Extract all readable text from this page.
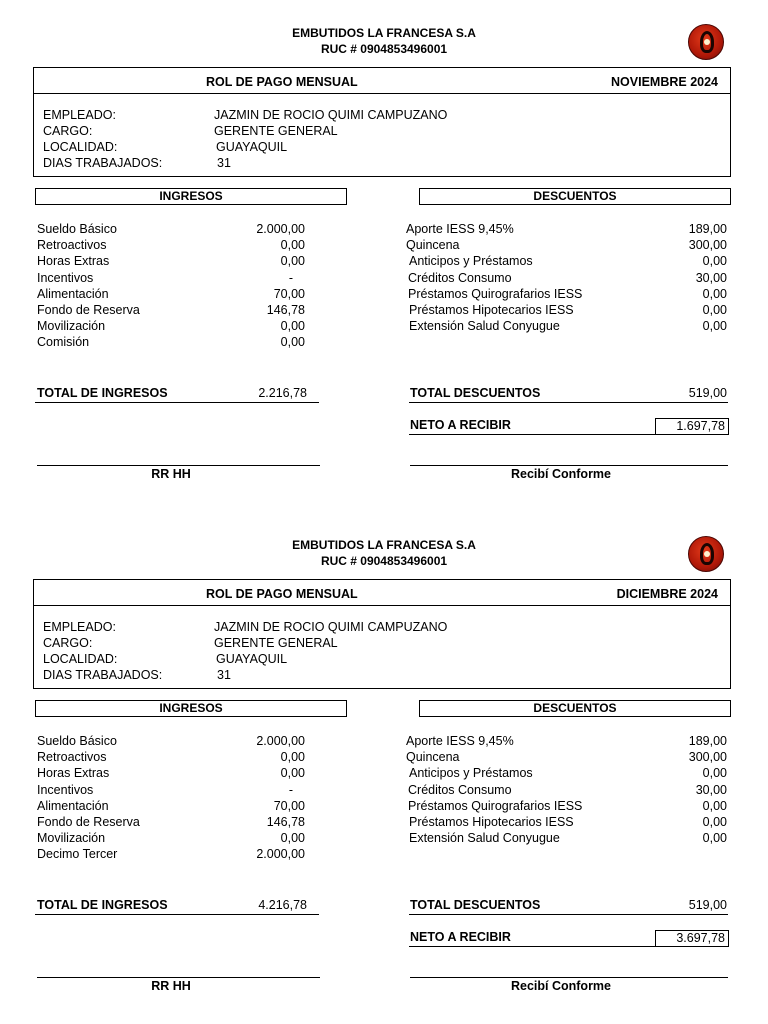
EMBUTIDOS LA FRANCESA S.A
RUC # 0904853496001
ROL DE PAGO MENSUAL	NOVIEMBRE 2024
EMPLEADO:	JAZMIN DE ROCIO QUIMI CAMPUZANO
CARGO:	GERENTE GENERAL
LOCALIDAD:	GUAYAQUIL
DIAS TRABAJADOS:	31
INGRESOS	DESCUENTOS
Sueldo Básico	2.000,00
Retroactivos	0,00
Horas Extras	0,00
Incentivos	-
Alimentación	70,00
Fondo de Reserva	146,78
Movilización	0,00
Comisión	0,00
Aporte IESS 9,45%	189,00
Quincena	300,00
Anticipos y Préstamos	0,00
Créditos Consumo	30,00
Préstamos Quirografarios IESS	0,00
Préstamos Hipotecarios IESS	0,00
Extensión Salud Conyugue	0,00
TOTAL DE INGRESOS	2.216,78	TOTAL DESCUENTOS	519,00
NETO A RECIBIR	1.697,78
RR HH	Recibí Conforme
EMBUTIDOS LA FRANCESA S.A
RUC # 0904853496001
ROL DE PAGO MENSUAL	DICIEMBRE 2024
EMPLEADO:	JAZMIN DE ROCIO QUIMI CAMPUZANO
CARGO:	GERENTE GENERAL
LOCALIDAD:	GUAYAQUIL
DIAS TRABAJADOS:	31
INGRESOS	DESCUENTOS
Sueldo Básico	2.000,00
Retroactivos	0,00
Horas Extras	0,00
Incentivos	-
Alimentación	70,00
Fondo de Reserva	146,78
Movilización	0,00
Decimo Tercer	2.000,00
Aporte IESS 9,45%	189,00
Quincena	300,00
Anticipos y Préstamos	0,00
Créditos Consumo	30,00
Préstamos Quirografarios IESS	0,00
Préstamos Hipotecarios IESS	0,00
Extensión Salud Conyugue	0,00
TOTAL DE INGRESOS	4.216,78	TOTAL DESCUENTOS	519,00
NETO A RECIBIR	3.697,78
RR HH	Recibí Conforme
